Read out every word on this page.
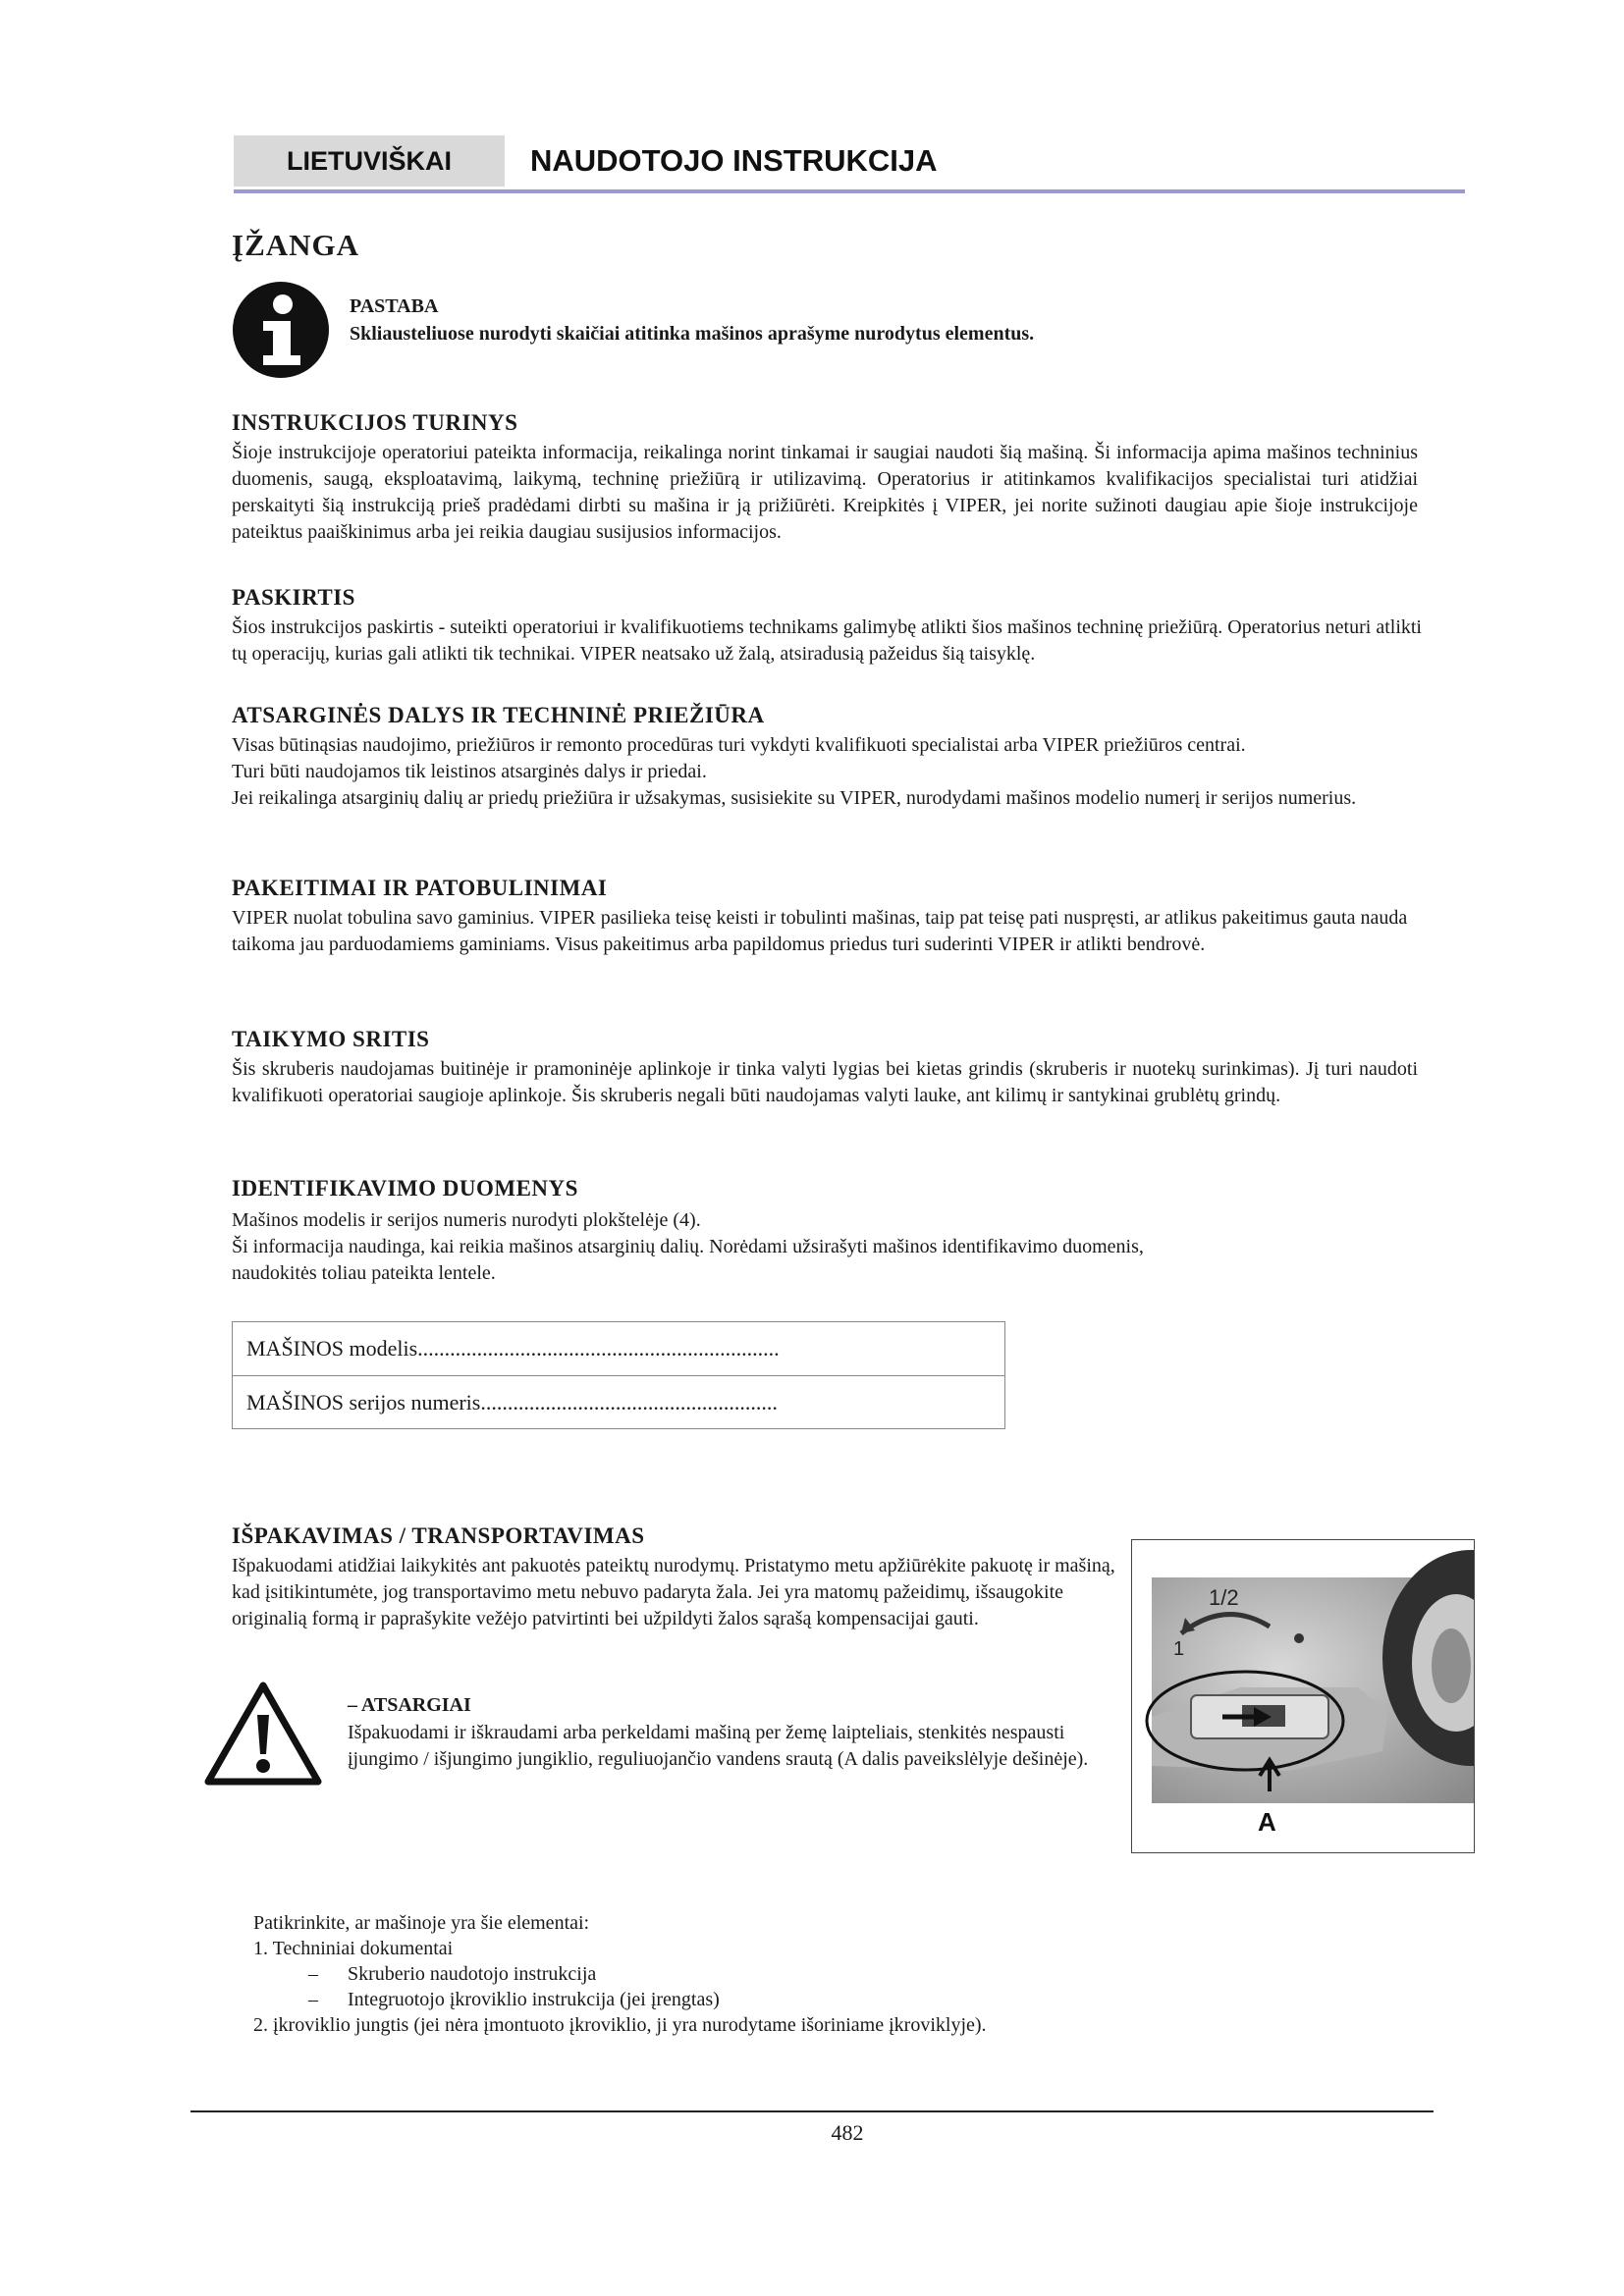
LIETUVIŠKAI	NAUDOTOJO INSTRUKCIJA
ĮŽANGA
PASTABA
Skliausteliuose nurodyti skaičiai atitinka mašinos aprašyme nurodytus elementus.
INSTRUKCIJOS TURINYS

Šioje instrukcijoje operatoriui pateikta informacija, reikalinga norint tinkamai ir saugiai naudoti šią mašiną. Ši informacija apima mašinos techninius duomenis, saugą, eksploatavimą, laikymą, techninę priežiūrą ir utilizavimą. Operatorius ir atitinkamos kvalifikacijos specialistai turi atidžiai perskaityti šią instrukciją prieš pradėdami dirbti su mašina ir ją prižiūrėti. Kreipkitės į VIPER, jei norite sužinoti daugiau apie šioje instrukcijoje pateiktus paaiškinimus arba jei reikia daugiau susijusios informacijos.

PASKIRTIS

Šios instrukcijos paskirtis - suteikti operatoriui ir kvalifikuotiems technikams galimybę atlikti šios mašinos techninę priežiūrą. Operatorius neturi atlikti tų operacijų, kurias gali atlikti tik technikai. VIPER neatsako už žalą, atsiradusią pažeidus šią taisyklę.

ATSARGINĖS DALYS IR TECHNINĖ PRIEŽIŪRA

Visas būtinąsias naudojimo, priežiūros ir remonto procedūras turi vykdyti kvalifikuoti specialistai arba VIPER priežiūros centrai.

Turi būti naudojamos tik leistinos atsarginės dalys ir priedai.

Jei reikalinga atsarginių dalių ar priedų priežiūra ir užsakymas, susisiekite su VIPER, nurodydami mašinos modelio numerį ir serijos numerius.

PAKEITIMAI IR PATOBULINIMAI

VIPER nuolat tobulina savo gaminius. VIPER pasilieka teisę keisti ir tobulinti mašinas, taip pat teisę pati nuspręsti, ar atlikus pakeitimus gauta nauda taikoma jau parduodamiems gaminiams. Visus pakeitimus arba papildomus priedus turi suderinti VIPER ir atlikti bendrovė.

TAIKYMO SRITIS

Šis skruberis naudojamas buitinėje ir pramoninėje aplinkoje ir tinka valyti lygias bei kietas grindis (skruberis ir nuotekų surinkimas). Jį turi naudoti kvalifikuoti operatoriai saugioje aplinkoje. Šis skruberis negali būti naudojamas valyti lauke, ant kilimų ir santykinai grublėtų grindų.

IDENTIFIKAVIMO DUOMENYS

Mašinos modelis ir serijos numeris nurodyti plokštelėje (4).

Ši informacija naudinga, kai reikia mašinos atsarginių dalių. Norėdami užsirašyti mašinos identifikavimo duomenis,

naudokitės toliau pateikta lentele.

MAŠINOS modelis...................................................................
MAŠINOS serijos numeris.......................................................
IŠPAKAVIMAS / TRANSPORTAVIMAS

Išpakuodami atidžiai laikykitės ant pakuotės pateiktų nurodymų. Pristatymo metu apžiūrėkite pakuotę ir mašiną, kad įsitikintumėte, jog transportavimo metu nebuvo padaryta žala. Jei yra matomų pažeidimų, išsaugokite originalią formą ir paprašykite vežėjo patvirtinti bei užpildyti žalos sąrašą kompensacijai gauti.

1/2
1
A
– ATSARGIAI
Išpakuodami ir iškraudami arba perkeldami mašiną per žemę laipteliais, stenkitės nespausti įjungimo / išjungimo jungiklio, reguliuojančio vandens srautą (A dalis paveikslėlyje dešinėje).
Patikrinkite, ar mašinoje yra šie elementai:
1. Techniniai dokumentai
– Skruberio naudotojo instrukcija
– Integruotojo įkroviklio instrukcija (jei įrengtas)
2. įkroviklio jungtis (jei nėra įmontuoto įkroviklio, ji yra nurodytame išoriniame įkroviklyje).
482
